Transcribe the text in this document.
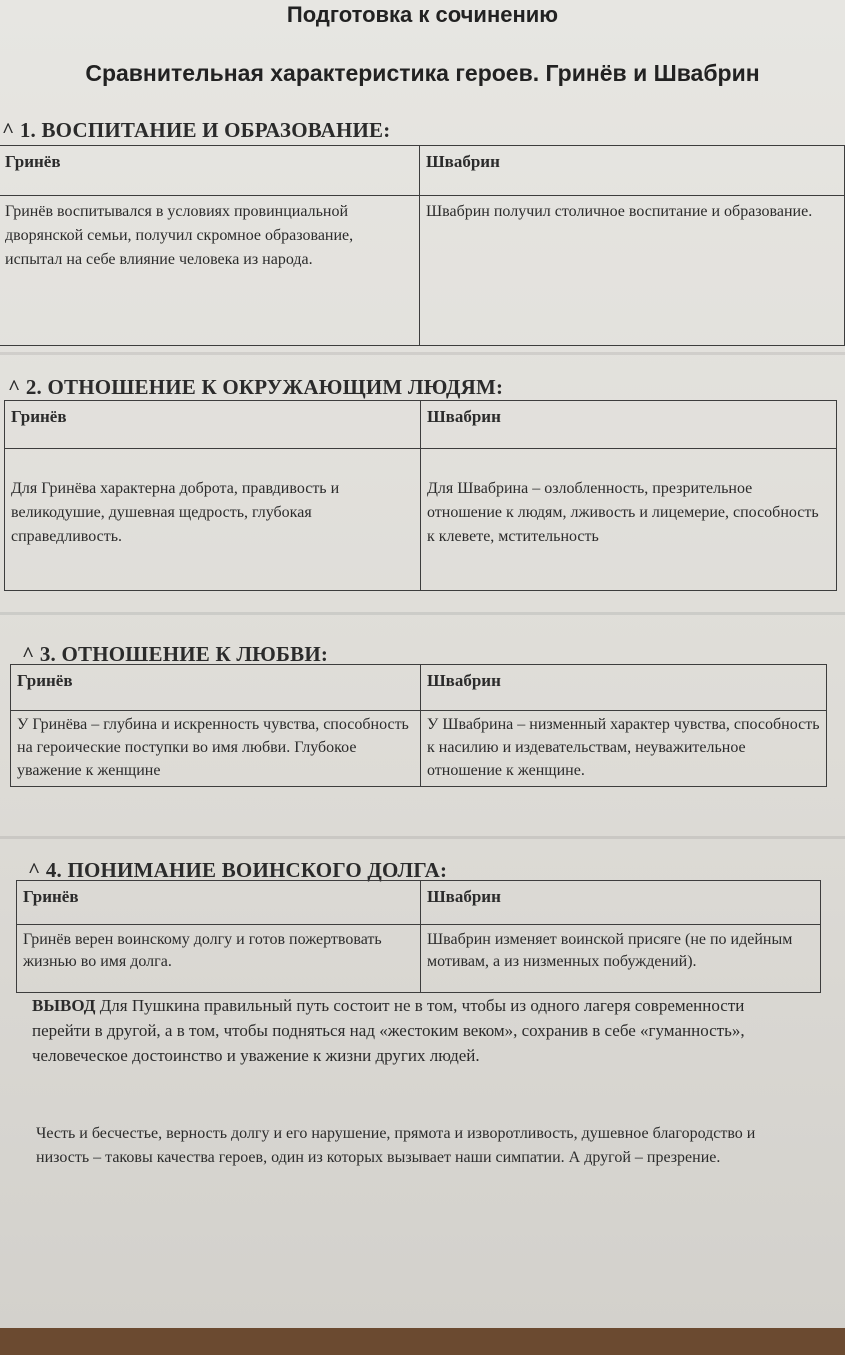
Подготовка к сочинению
Сравнительная характеристика героев. Гринёв и Швабрин
^ 1. ВОСПИТАНИЕ И ОБРАЗОВАНИЕ:
Гринёв	Швабрин
Гринёв воспитывался в условиях провинциальной дворянской семьи, получил скромное образование, испытал на себе влияние человека из народа.	Швабрин получил столичное воспитание и образование.
^ 2. ОТНОШЕНИЕ К ОКРУЖАЮЩИМ ЛЮДЯМ:
Гринёв	Швабрин
Для Гринёва характерна доброта, правдивость и великодушие, душевная щедрость, глубокая справедливость.	Для Швабрина – озлобленность, презрительное отношение к людям, лживость и лицемерие, способность к клевете, мстительность
^ 3. ОТНОШЕНИЕ К ЛЮБВИ:
Гринёв	Швабрин
У Гринёва – глубина и искренность чувства, способность на героические поступки во имя любви. Глубокое уважение к женщине	У Швабрина – низменный характер чувства, способность к насилию и издевательствам, неуважительное отношение к женщине.
^ 4. ПОНИМАНИЕ ВОИНСКОГО ДОЛГА:
Гринёв	Швабрин
Гринёв верен воинскому долгу и готов пожертвовать жизнью во имя долга.	Швабрин изменяет воинской присяге (не по идейным мотивам, а из низменных побуждений).

ВЫВОД Для Пушкина правильный путь состоит не в том, чтобы из одного лагеря современности перейти в другой, а в том, чтобы подняться над «жестоким веком», сохранив в себе «гуманность», человеческое достоинство и уважение к жизни других людей.

Честь и бесчестье, верность долгу и его нарушение, прямота и изворотливость, душевное благородство и низость – таковы качества героев, один из которых вызывает наши симпатии. А другой – презрение.
